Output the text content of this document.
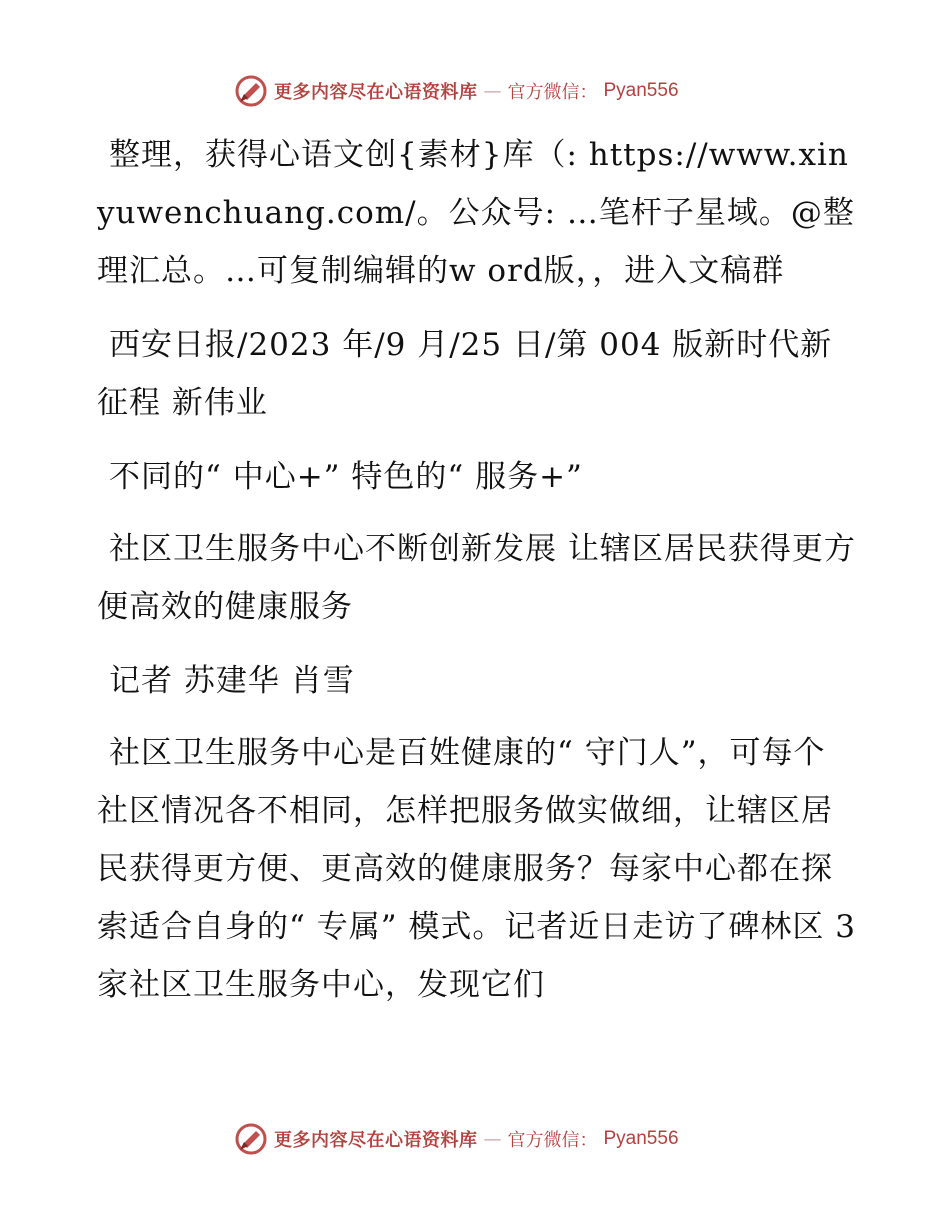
更多内容尽在心语资料库 — 官方微信： Pyan556

整理，获得心语文创{素材}库（: https://www.xinyuwenchuang.com/。公众号: …笔杆子星域。@整理汇总。…可复制编辑的w ord版，，进入文稿群

西安日报/2023 年/9 月/25 日/第 004 版新时代新征程 新伟业

不同的“ 中心+” 特色的“ 服务+”

社区卫生服务中心不断创新发展 让辖区居民获得更方便高效的健康服务

记者 苏建华 肖雪

社区卫生服务中心是百姓健康的“ 守门人”，可每个社区情况各不相同，怎样把服务做实做细，让辖区居民获得更方便、更高效的健康服务？每家中心都在探索适合自身的“ 专属” 模式。记者近日走访了碑林区 3 家社区卫生服务中心，发现它们

更多内容尽在心语资料库 — 官方微信： Pyan556
